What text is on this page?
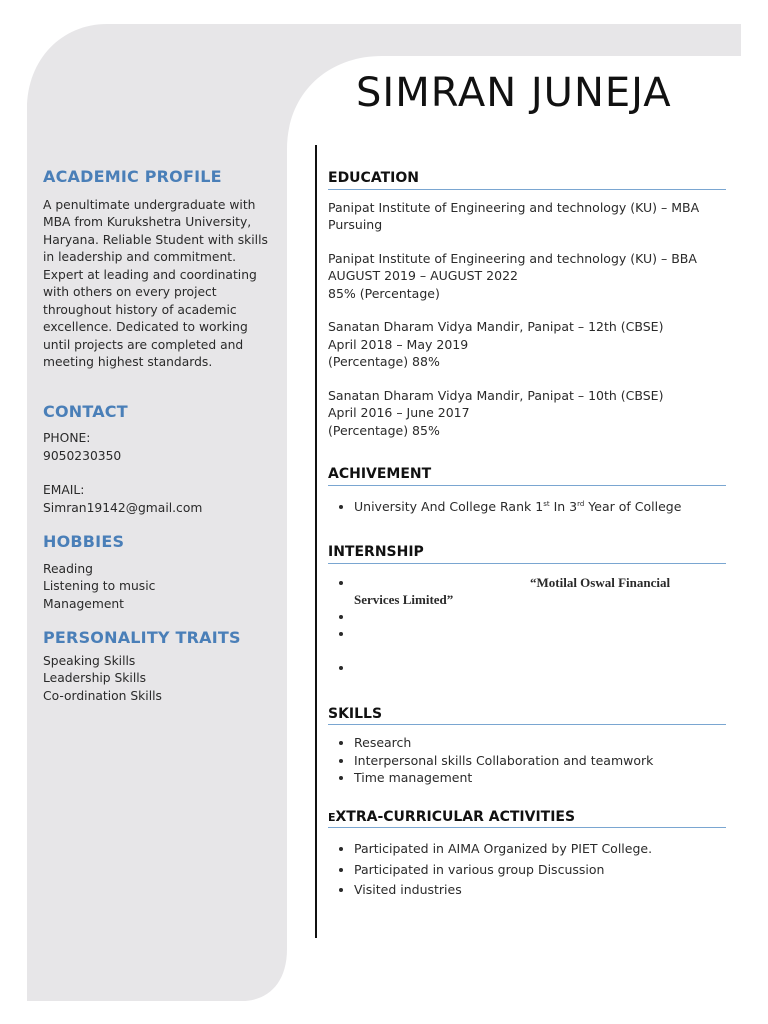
SIMRAN JUNEJA
ACADEMIC PROFILE

A penultimate undergraduate with MBA from Kurukshetra University, Haryana. Reliable Student with skills in leadership and commitment. Expert at leading and coordinating with others on every project throughout history of academic excellence. Dedicated to working until projects are completed and meeting highest standards.

CONTACT

PHONE:

9050230350

EMAIL:

Simran19142@gmail.com

HOBBIES

Reading

Listening to music

Management

PERSONALITY TRAITS

Speaking Skills

Leadership Skills

Co-ordination Skills

EDUCATION

Panipat Institute of Engineering and technology (KU) – MBA

Pursuing

Panipat Institute of Engineering and technology (KU) – BBA

AUGUST 2019 – AUGUST 2022

85% (Percentage)

Sanatan Dharam Vidya Mandir, Panipat – 12th (CBSE)

April 2018 – May 2019

(Percentage) 88%

Sanatan Dharam Vidya Mandir, Panipat – 10th (CBSE)

April 2016 – June 2017

(Percentage) 85%

ACHIVEMENT
• University And College Rank 1st In 3rd Year of College
INTERNSHIP
• “Motilal Oswal Financial
Services Limited”
•
•
•
SKILLS
• Research
• Interpersonal skills Collaboration and teamwork
• Time management
EXTRA-CURRICULAR ACTIVITIES
• Participated in AIMA Organized by PIET College.
• Participated in various group Discussion
• Visited industries
